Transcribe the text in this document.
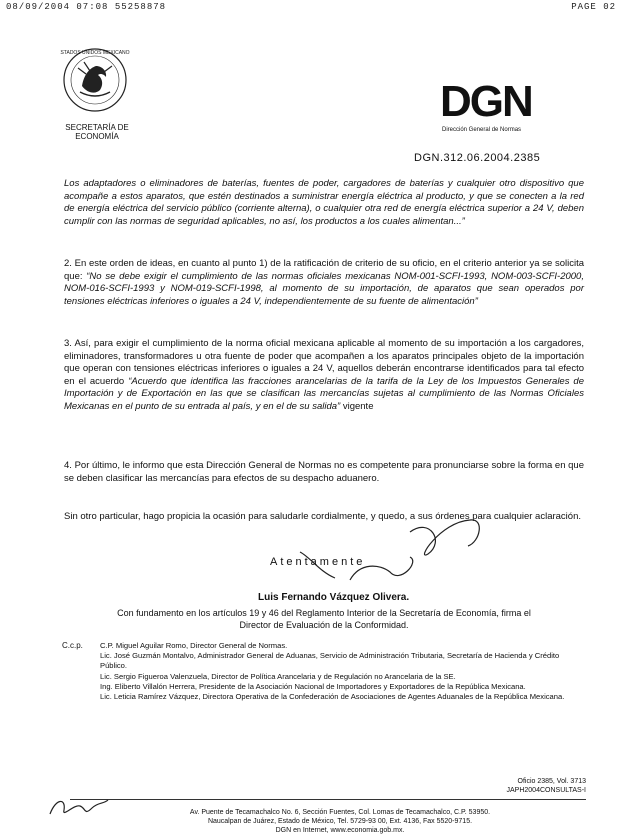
08/09/2004 07:08 55258878	PAGE 02
ESTADOS UNIDOS MEXICANOS
SECRETARÍA DE ECONOMÍA
DGN
Dirección General de Normas
DGN.312.06.2004.2385

Los adaptadores o eliminadores de baterías, fuentes de poder, cargadores de baterías y cualquier otro dispositivo que acompañe a estos aparatos, que estén destinados a suministrar energía eléctrica al producto, y que se conecten a la red de energía eléctrica del servicio público (corriente alterna), o cualquier otra red de energía eléctrica superior a 24 V, deben cumplir con las normas de seguridad aplicables, no así, los productos a los cuales alimentan...”

2. En este orden de ideas, en cuanto al punto 1) de la ratificación de criterio de su oficio, en el criterio anterior ya se solicita que: “No se debe exigir el cumplimiento de las normas oficiales mexicanas NOM-001-SCFI-1993, NOM-003-SCFI-2000, NOM-016-SCFI-1993 y NOM-019-SCFI-1998, al momento de su importación, de aparatos que sean operados por tensiones eléctricas inferiores o iguales a 24 V, independientemente de su fuente de alimentación”

3. Así, para exigir el cumplimiento de la norma oficial mexicana aplicable al momento de su importación a los cargadores, eliminadores, transformadores u otra fuente de poder que acompañen a los aparatos principales objeto de la importación que operan con tensiones eléctricas inferiores o iguales a 24 V, aquellos deberán encontrarse identificados para tal efecto en el acuerdo “Acuerdo que identifica las fracciones arancelarias de la tarifa de la Ley de los Impuestos Generales de Importación y de Exportación en las que se clasifican las mercancías sujetas al cumplimiento de las Normas Oficiales Mexicanas en el punto de su entrada al país, y en el de su salida” vigente

4. Por último, le informo que esta Dirección General de Normas no es competente para pronunciarse sobre la forma en que se deben clasificar las mercancías para efectos de su despacho aduanero.

Sin otro particular, hago propicia la ocasión para saludarle cordialmente, y quedo, a sus órdenes para cualquier aclaración.

Atentamente
Luis Fernando Vázquez Olivera.
Con fundamento en los artículos 19 y 46 del Reglamento Interior de la Secretaría de Economía, firma el
Director de Evaluación de la Conformidad.
C.c.p. C.P. Miguel Aguilar Romo, Director General de Normas.
Lic. José Guzmán Montalvo, Administrador General de Aduanas, Servicio de Administración Tributaria, Secretaría de Hacienda y Crédito Público.
Lic. Sergio Figueroa Valenzuela, Director de Política Arancelaria y de Regulación no Arancelaria de la SE.
Ing. Eliberto Villalón Herrera, Presidente de la Asociación Nacional de Importadores y Exportadores de la República Mexicana.
Lic. Leticia Ramírez Vázquez, Directora Operativa de la Confederación de Asociaciones de Agentes Aduanales de la República Mexicana.
Oficio 2385, Vol. 3713
JAPH2004CONSULTAS-I
Av. Puente de Tecamachalco No. 6, Sección Fuentes, Col. Lomas de Tecamachalco, C.P. 53950.
Naucalpan de Juárez, Estado de México, Tel. 5729-93 00, Ext. 4136, Fax 5520-9715.
DGN en Internet, www.economia.gob.mx.
